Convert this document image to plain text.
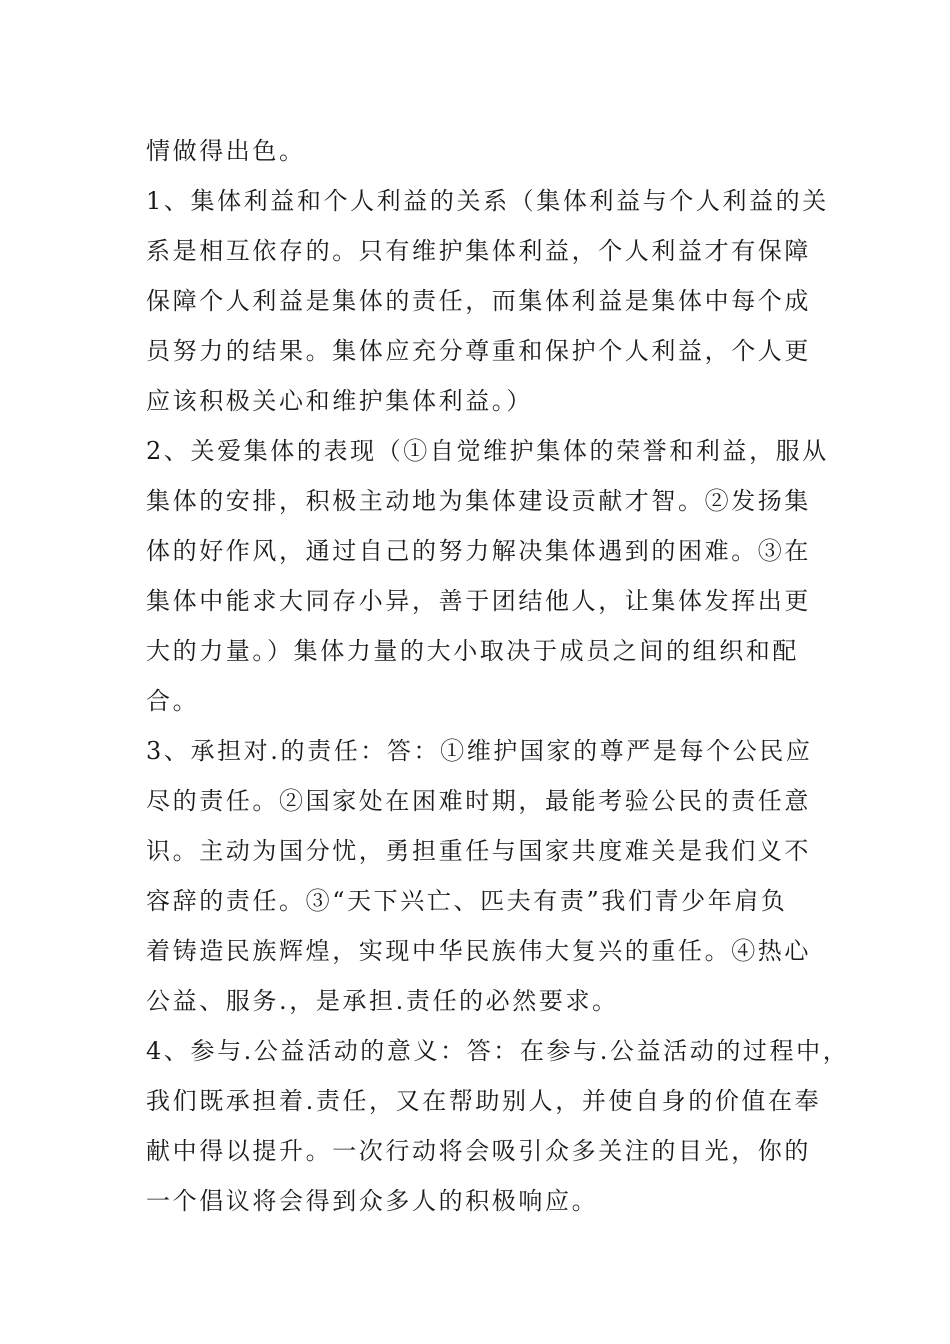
情做得出色。
1、集体利益和个人利益的关系（集体利益与个人利益的关
系是相互依存的。只有维护集体利益，个人利益才有保障
保障个人利益是集体的责任，而集体利益是集体中每个成
员努力的结果。集体应充分尊重和保护个人利益，个人更
应该积极关心和维护集体利益。）
2、关爱集体的表现（①自觉维护集体的荣誉和利益，服从
集体的安排，积极主动地为集体建设贡献才智。②发扬集
体的好作风，通过自己的努力解决集体遇到的困难。③在
集体中能求大同存小异，善于团结他人，让集体发挥出更
大的力量。）集体力量的大小取决于成员之间的组织和配
合。
3、承担对.的责任：答：①维护国家的尊严是每个公民应
尽的责任。②国家处在困难时期，最能考验公民的责任意
识。主动为国分忧，勇担重任与国家共度难关是我们义不
容辞的责任。③“天下兴亡、匹夫有责”我们青少年肩负
着铸造民族辉煌，实现中华民族伟大复兴的重任。④热心
公益、服务.，是承担.责任的必然要求。
4、参与.公益活动的意义：答：在参与.公益活动的过程中，
我们既承担着.责任，又在帮助别人，并使自身的价值在奉
献中得以提升。一次行动将会吸引众多关注的目光，你的
一个倡议将会得到众多人的积极响应。
